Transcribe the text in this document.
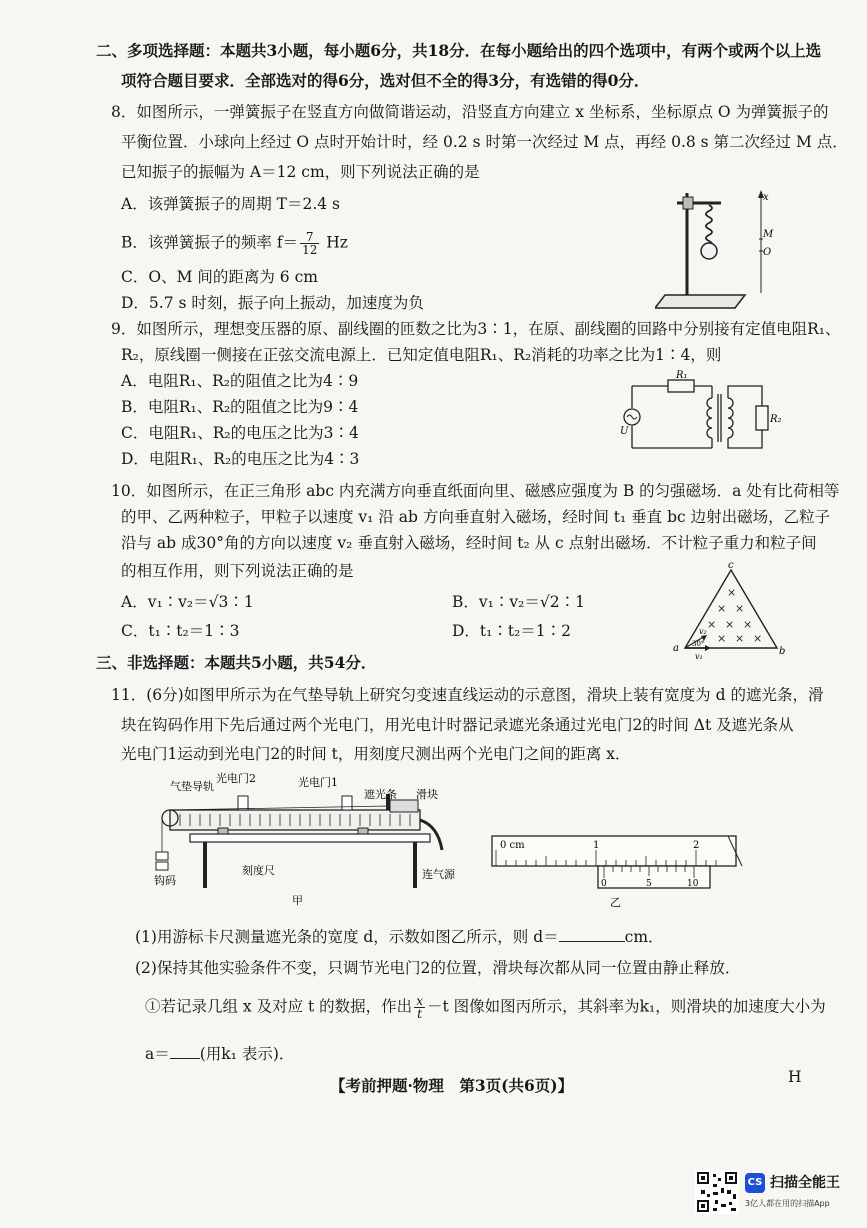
二、多项选择题：本题共3小题，每小题6分，共18分．在每小题给出的四个选项中，有两个或两个以上选
项符合题目要求．全部选对的得6分，选对但不全的得3分，有选错的得0分．
8．如图所示，一弹簧振子在竖直方向做简谐运动，沿竖直方向建立 x 坐标系，坐标原点 O 为弹簧振子的
平衡位置．小球向上经过 O 点时开始计时，经 0.2 s 时第一次经过 M 点，再经 0.8 s 第二次经过 M 点．
已知振子的振幅为 A＝12 cm，则下列说法正确的是
A．该弹簧振子的周期 T＝2.4 s
B．该弹簧振子的频率 $f= \frac{7}{12}$ Hz
C．O、M 间的距离为 6 cm
D．5.7 s 时刻，振子向上振动，加速度为负
x
M
O
9．如图所示，理想变压器的原、副线圈的匝数之比为3∶1，在原、副线圈的回路中分别接有定值电阻R₁、
R₂，原线圈一侧接在正弦交流电源上．已知定值电阻R₁、R₂消耗的功率之比为1∶4，则
A．电阻R₁、R₂的阻值之比为4∶9
B．电阻R₁、R₂的阻值之比为9∶4
C．电阻R₁、R₂的电压之比为3∶4
D．电阻R₁、R₂的电压之比为4∶3
R₁
R₂
U
10．如图所示，在正三角形 abc 内充满方向垂直纸面向里、磁感应强度为 B 的匀强磁场．a 处有比荷相等
的甲、乙两种粒子，甲粒子以速度 v₁ 沿 ab 方向垂直射入磁场，经时间 t₁ 垂直 bc 边射出磁场，乙粒子
沿与 ab 成30°角的方向以速度 v₂ 垂直射入磁场，经时间 t₂ 从 c 点射出磁场．不计粒子重力和粒子间
的相互作用，则下列说法正确的是
A．v₁∶v₂＝√3∶1	B．v₁∶v₂＝√2∶1
C．t₁∶t₂＝1∶3	D．t₁∶t₂＝1∶2
×
× ×
× × ×
× × ×
a	b
c
v₁
v₂
30°
三、非选择题：本题共5小题，共54分．
11．(6分)如图甲所示为在气垫导轨上研究匀变速直线运动的示意图，滑块上装有宽度为 d 的遮光条，滑
块在钩码作用下先后通过两个光电门，用光电计时器记录遮光条通过光电门2的时间 Δt 及遮光条从
光电门1运动到光电门2的时间 t，用刻度尺测出两个光电门之间的距离 x．
气垫导轨
光电门2	光电门1
遮光条 滑块
连气源
刻度尺
钩码
甲
0 cm	1	2
0	5	10
乙
(1)用游标卡尺测量遮光条的宽度 d，示数如图乙所示，则 d＝	cm．
(2)保持其他实验条件不变，只调节光电门2的位置，滑块每次都从同一位置由静止释放．
①若记录几组 x 及对应 t 的数据，作出 $\frac{x}{t} -t$ 图像如图丙所示，其斜率为k₁，则滑块的加速度大小为
a＝ (用k₁ 表示)．
【考前押题·物理　第3页(共6页)】	H
CS 扫描全能王
3亿人都在用的扫描App
